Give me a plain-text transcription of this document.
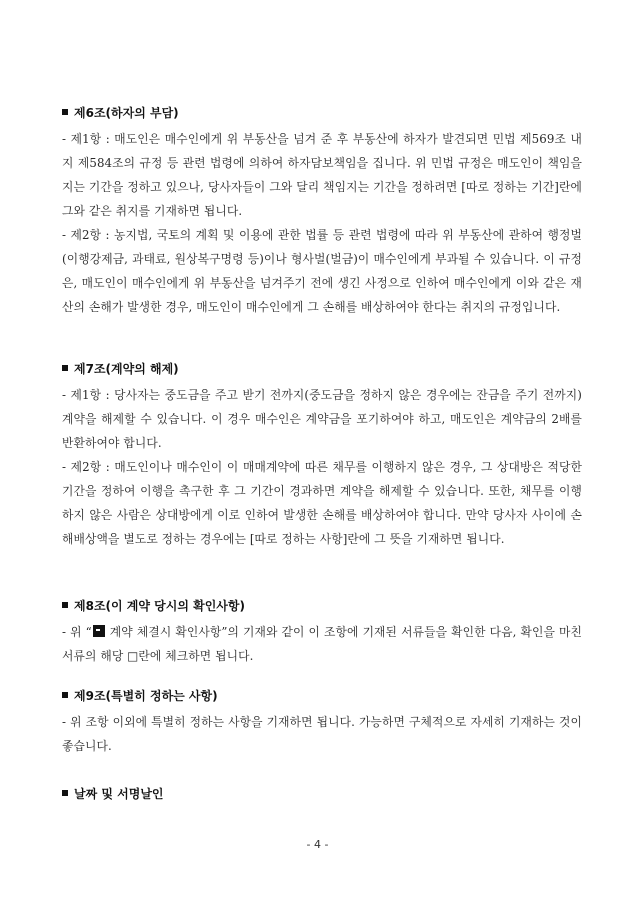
제6조(하자의 부담)
- 제1항 : 매도인은 매수인에게 위 부동산을 넘겨 준 후 부동산에 하자가 발견되면 민법 제569조 내지 제584조의 규정 등 관련 법령에 의하여 하자담보책임을 집니다. 위 민법 규정은 매도인이 책임을 지는 기간을 정하고 있으나, 당사자들이 그와 달리 책임지는 기간을 정하려면 [따로 정하는 기간]란에 그와 같은 취지를 기재하면 됩니다.
- 제2항 : 농지법, 국토의 계획 및 이용에 관한 법률 등 관련 법령에 따라 위 부동산에 관하여 행정벌(이행강제금, 과태료, 원상복구명령 등)이나 형사벌(벌금)이 매수인에게 부과될 수 있습니다. 이 규정은, 매도인이 매수인에게 위 부동산을 넘겨주기 전에 생긴 사정으로 인하여 매수인에게 이와 같은 재산의 손해가 발생한 경우, 매도인이 매수인에게 그 손해를 배상하여야 한다는 취지의 규정입니다.
제7조(계약의 해제)
- 제1항 : 당사자는 중도금을 주고 받기 전까지(중도금을 정하지 않은 경우에는 잔금을 주기 전까지) 계약을 해제할 수 있습니다. 이 경우 매수인은 계약금을 포기하여야 하고, 매도인은 계약금의 2배를 반환하여야 합니다.
- 제2항 : 매도인이나 매수인이 이 매매계약에 따른 채무를 이행하지 않은 경우, 그 상대방은 적당한 기간을 정하여 이행을 촉구한 후 그 기간이 경과하면 계약을 해제할 수 있습니다. 또한, 채무를 이행하지 않은 사람은 상대방에게 이로 인하여 발생한 손해를 배상하여야 합니다. 만약 당사자 사이에 손해배상액을 별도로 정하는 경우에는 [따로 정하는 사항]란에 그 뜻을 기재하면 됩니다.
제8조(이 계약 당시의 확인사항)
- 위 “ 계약 체결시 확인사항”의 기재와 같이 이 조항에 기재된 서류들을 확인한 다음, 확인을 마친 서류의 해당 □란에 체크하면 됩니다.
제9조(특별히 정하는 사항)
- 위 조항 이외에 특별히 정하는 사항을 기재하면 됩니다. 가능하면 구체적으로 자세히 기재하는 것이 좋습니다.
날짜 및 서명날인
- 4 -
